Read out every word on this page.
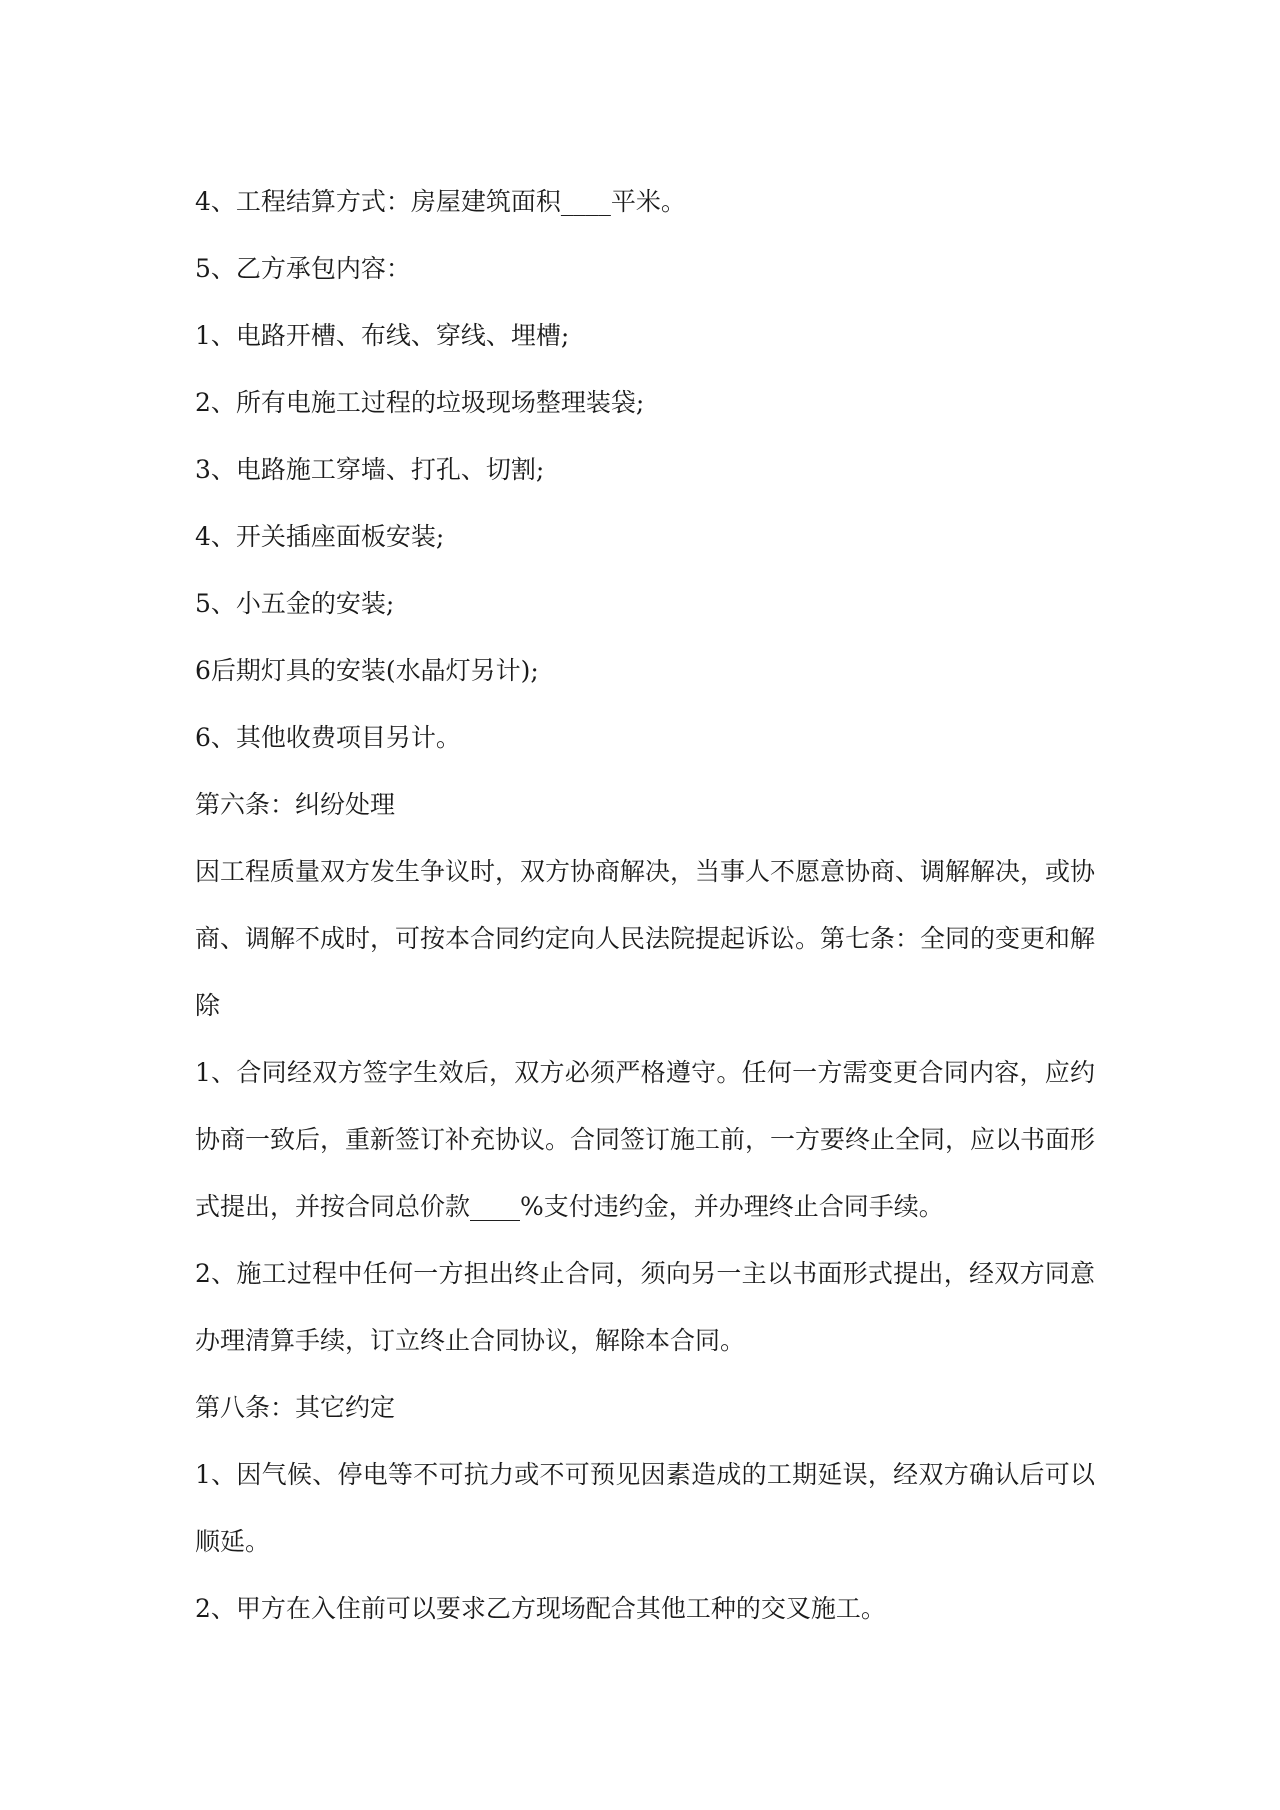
4、工程结算方式：房屋建筑面积____平米。

5、乙方承包内容：

1、电路开槽、布线、穿线、埋槽;

2、所有电施工过程的垃圾现场整理装袋;

3、电路施工穿墙、打孔、切割;

4、开关插座面板安装;

5、小五金的安装;

6后期灯具的安装(水晶灯另计);

6、其他收费项目另计。

第六条：纠纷处理

因工程质量双方发生争议时，双方协商解决，当事人不愿意协商、调解解决，或协商、调解不成时，可按本合同约定向人民法院提起诉讼。第七条：全同的变更和解除

1、合同经双方签字生效后，双方必须严格遵守。任何一方需变更合同内容，应约协商一致后，重新签订补充协议。合同签订施工前，一方要终止全同，应以书面形式提出，并按合同总价款____%支付违约金，并办理终止合同手续。

2、施工过程中任何一方担出终止合同，须向另一主以书面形式提出，经双方同意办理清算手续，订立终止合同协议，解除本合同。

第八条：其它约定

1、因气候、停电等不可抗力或不可预见因素造成的工期延误，经双方确认后可以顺延。

2、甲方在入住前可以要求乙方现场配合其他工种的交叉施工。
